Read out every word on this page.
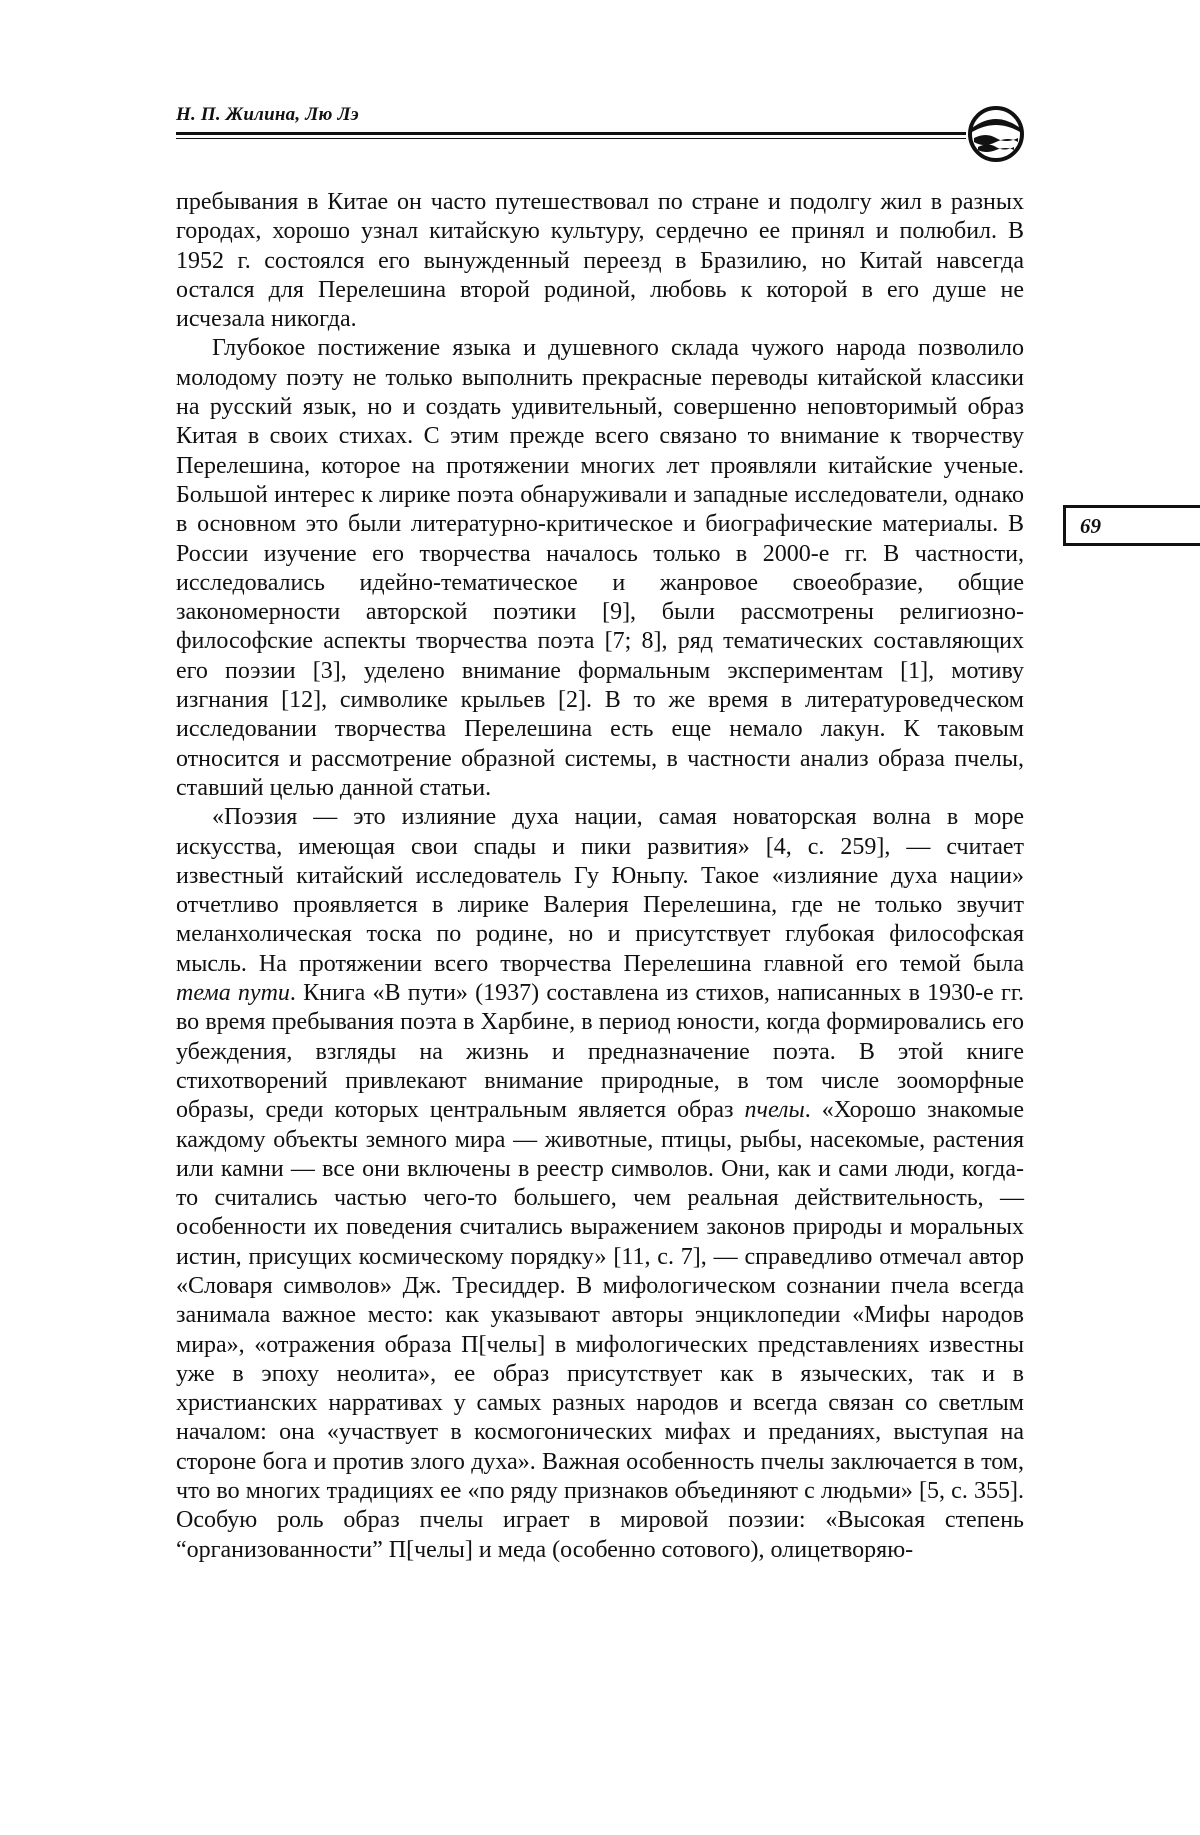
Н. П. Жилина, Лю Лэ
69

пребывания в Китае он часто путешествовал по стране и подолгу жил в разных городах, хорошо узнал китайскую культуру, сердечно ее принял и полюбил. В 1952 г. состоялся его вынужденный переезд в Бразилию, но Китай навсегда остался для Перелешина второй родиной, любовь к которой в его душе не исчезала никогда.

Глубокое постижение языка и душевного склада чужого народа позволило молодому поэту не только выполнить прекрасные переводы китайской классики на русский язык, но и создать удивительный, совершенно неповторимый образ Китая в своих стихах. С этим прежде всего связано то внимание к творчеству Перелешина, которое на протяжении многих лет проявляли китайские ученые. Большой интерес к лирике поэта обнаруживали и западные исследователи, однако в основном это были литературно-критическое и биографические материалы. В России изучение его творчества началось только в 2000-е гг. В частности, исследовались идейно-тематическое и жанровое своеобразие, общие закономерности авторской поэтики [9], были рассмотрены религиозно-философские аспекты творчества поэта [7; 8], ряд тематических составляющих его поэзии [3], уделено внимание формальным экспериментам [1], мотиву изгнания [12], символике крыльев [2]. В то же время в литературоведческом исследовании творчества Перелешина есть еще немало лакун. К таковым относится и рассмотрение образной системы, в частности анализ образа пчелы, ставший целью данной статьи.

«Поэзия — это излияние духа нации, самая новаторская волна в море искусства, имеющая свои спады и пики развития» [4, с. 259], — считает известный китайский исследователь Гу Юньпу. Такое «излияние духа нации» отчетливо проявляется в лирике Валерия Перелешина, где не только звучит меланхолическая тоска по родине, но и присутствует глубокая философская мысль. На протяжении всего творчества Перелешина главной его темой была тема пути. Книга «В пути» (1937) составлена из стихов, написанных в 1930-е гг. во время пребывания поэта в Харбине, в период юности, когда формировались его убеждения, взгляды на жизнь и предназначение поэта. В этой книге стихотворений привлекают внимание природные, в том числе зооморфные образы, среди которых центральным является образ пчелы. «Хорошо знакомые каждому объекты земного мира — животные, птицы, рыбы, насекомые, растения или камни — все они включены в реестр символов. Они, как и сами люди, когда-то считались частью чего-то большего, чем реальная действительность, — особенности их поведения считались выражением законов природы и моральных истин, присущих космическому порядку» [11, с. 7], — справедливо отмечал автор «Словаря символов» Дж. Тресиддер. В мифологическом сознании пчела всегда занимала важное место: как указывают авторы энциклопедии «Мифы народов мира», «отражения образа П[челы] в мифологических представлениях известны уже в эпоху неолита», ее образ присутствует как в языческих, так и в христианских нарративах у самых разных народов и всегда связан со светлым началом: она «участвует в космогонических мифах и преданиях, выступая на стороне бога и против злого духа». Важная особенность пчелы заключается в том, что во многих традициях ее «по ряду признаков объединяют с людьми» [5, с. 355]. Особую роль образ пчелы играет в мировой поэзии: «Высокая степень “организованности” П[челы] и меда (особенно сотового), олицетворяю-
